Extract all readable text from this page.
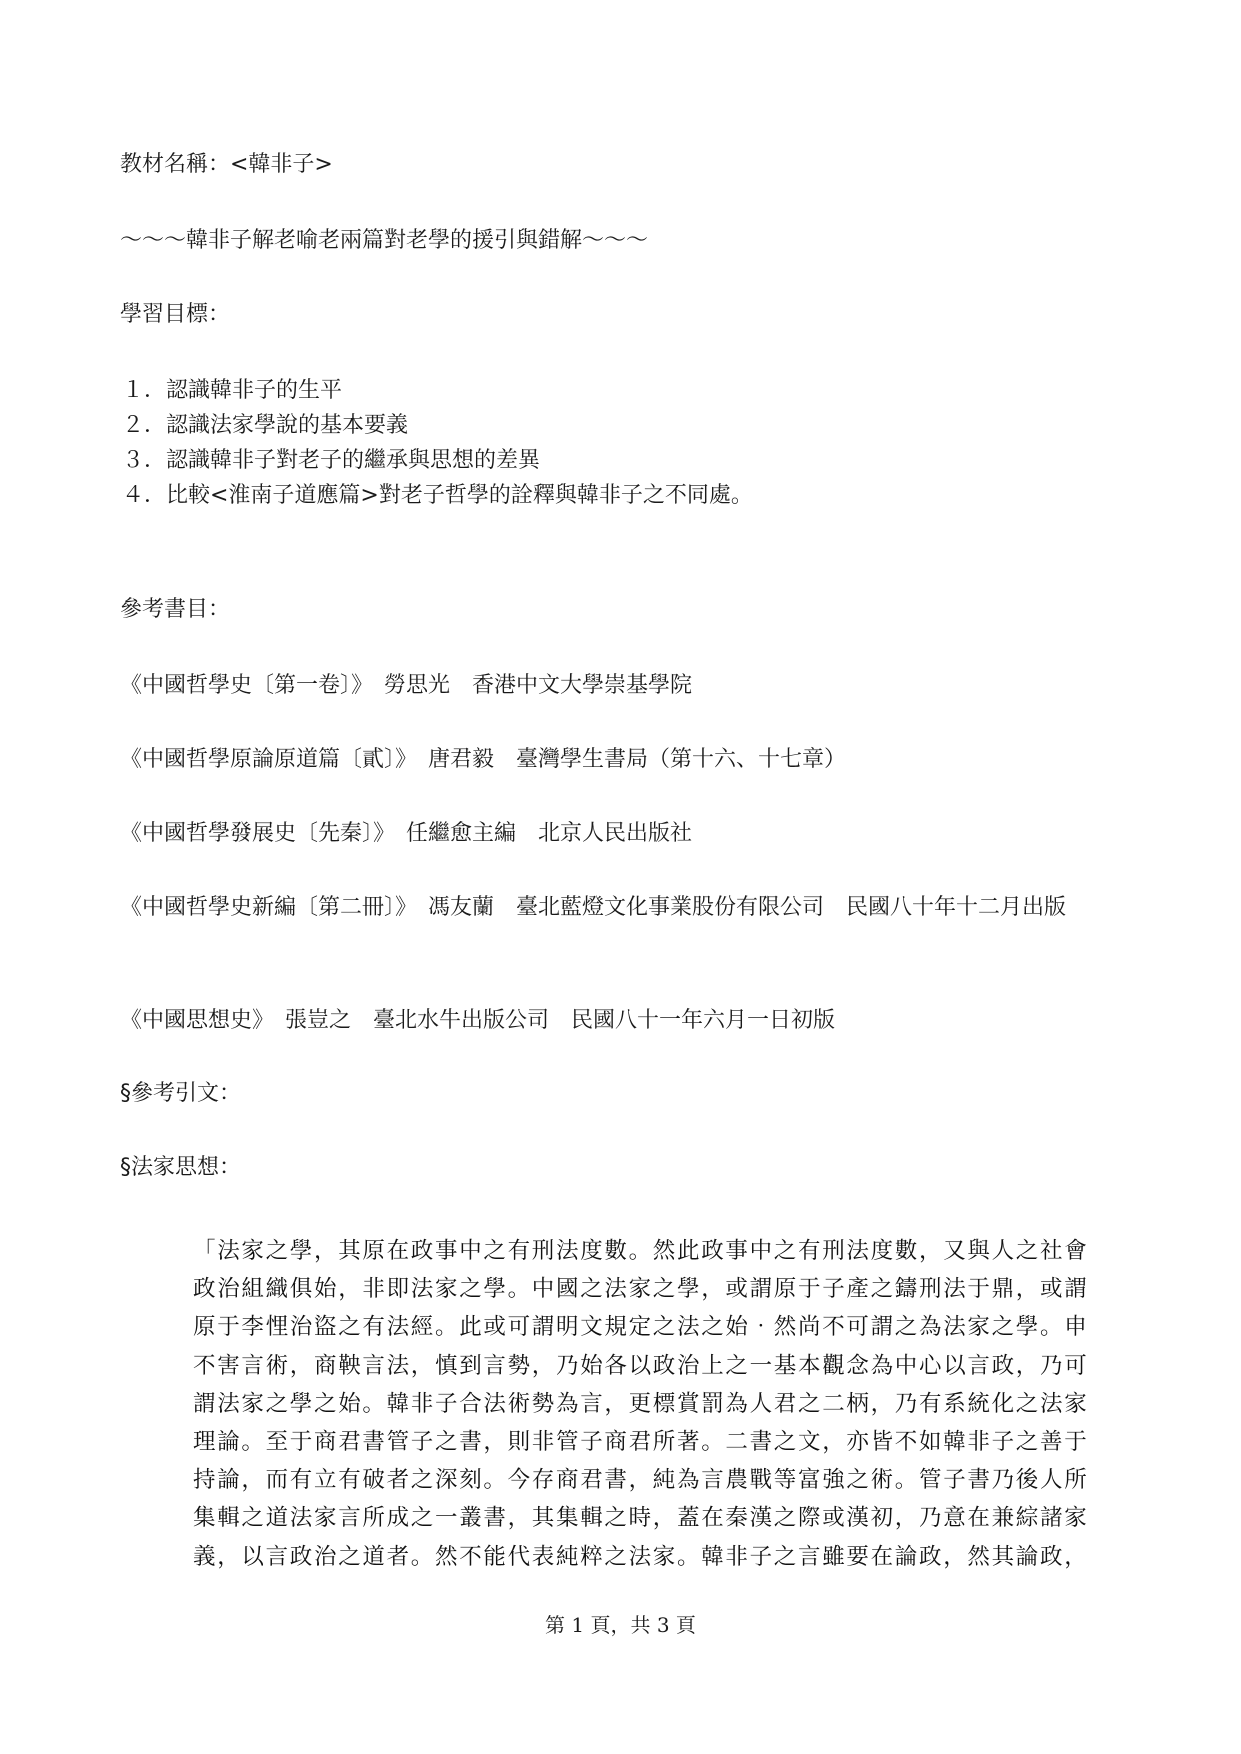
教材名稱：<韓非子>
～～～韓非子解老喻老兩篇對老學的援引與錯解～～～
學習目標：
１．認識韓非子的生平
２．認識法家學說的基本要義
３．認識韓非子對老子的繼承與思想的差異
４．比較<淮南子道應篇>對老子哲學的詮釋與韓非子之不同處。
參考書目：
《中國哲學史〔第一卷〕》　勞思光　香港中文大學崇基學院
《中國哲學原論原道篇〔貳〕》　唐君毅　臺灣學生書局（第十六、十七章）
《中國哲學發展史〔先秦〕》　任繼愈主編　北京人民出版社
《中國哲學史新編〔第二冊〕》　馮友蘭　臺北藍燈文化事業股份有限公司　民國八十年十二月出版
《中國思想史》　張豈之　臺北水牛出版公司　民國八十一年六月一日初版
§參考引文：
§法家思想：
「法家之學，其原在政事中之有刑法度數。然此政事中之有刑法度數，又與人之社會
政治組織俱始，非即法家之學。中國之法家之學，或謂原于子產之鑄刑法于鼎，或謂
原于李悝治盜之有法經。此或可謂明文規定之法之始‧然尚不可謂之為法家之學。申
不害言術，商鞅言法，慎到言勢，乃始各以政治上之一基本觀念為中心以言政，乃可
謂法家之學之始。韓非子合法術勢為言，更標賞罰為人君之二柄，乃有系統化之法家
理論。至于商君書管子之書，則非管子商君所著。二書之文，亦皆不如韓非子之善于
持論，而有立有破者之深刻。今存商君書，純為言農戰等富強之術。管子書乃後人所
集輯之道法家言所成之一叢書，其集輯之時，蓋在秦漢之際或漢初，乃意在兼綜諸家
義，以言政治之道者。然不能代表純粹之法家。韓非子之言雖要在論政，然其論政，
第 1 頁，共 3 頁
